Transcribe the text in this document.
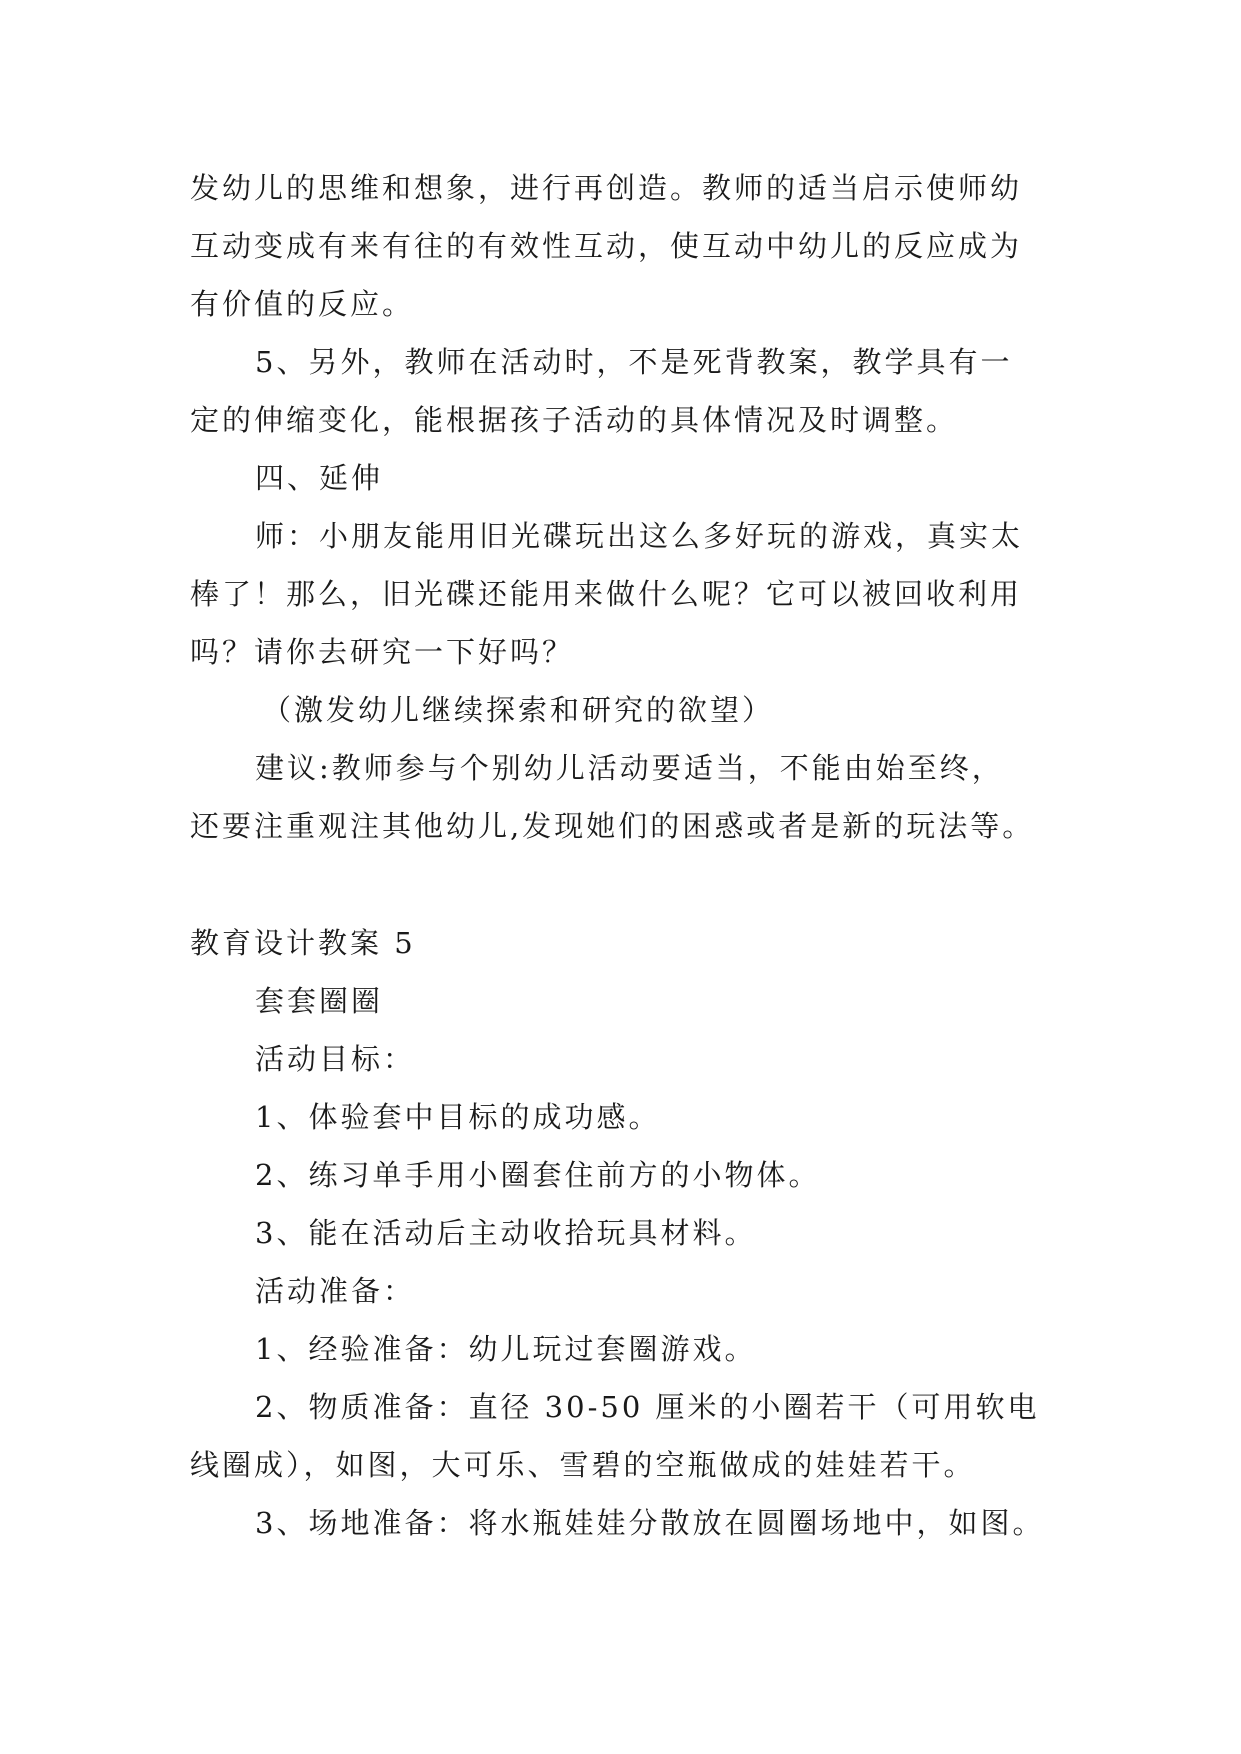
发幼儿的思维和想象，进行再创造。教师的适当启示使师幼
互动变成有来有往的有效性互动，使互动中幼儿的反应成为
有价值的反应。
5、另外，教师在活动时，不是死背教案，教学具有一
定的伸缩变化，能根据孩子活动的具体情况及时调整。
四、延伸
师：小朋友能用旧光碟玩出这么多好玩的游戏，真实太
棒了！那么，旧光碟还能用来做什么呢？它可以被回收利用
吗？请你去研究一下好吗？
（激发幼儿继续探索和研究的欲望）
建议:教师参与个别幼儿活动要适当，不能由始至终，
还要注重观注其他幼儿,发现她们的困惑或者是新的玩法等。
教育设计教案 5
套套圈圈
活动目标：
1、体验套中目标的成功感。
2、练习单手用小圈套住前方的小物体。
3、能在活动后主动收拾玩具材料。
活动准备：
1、经验准备：幼儿玩过套圈游戏。
2、物质准备：直径 30-50 厘米的小圈若干（可用软电
线圈成），如图，大可乐、雪碧的空瓶做成的娃娃若干。
3、场地准备：将水瓶娃娃分散放在圆圈场地中，如图。
